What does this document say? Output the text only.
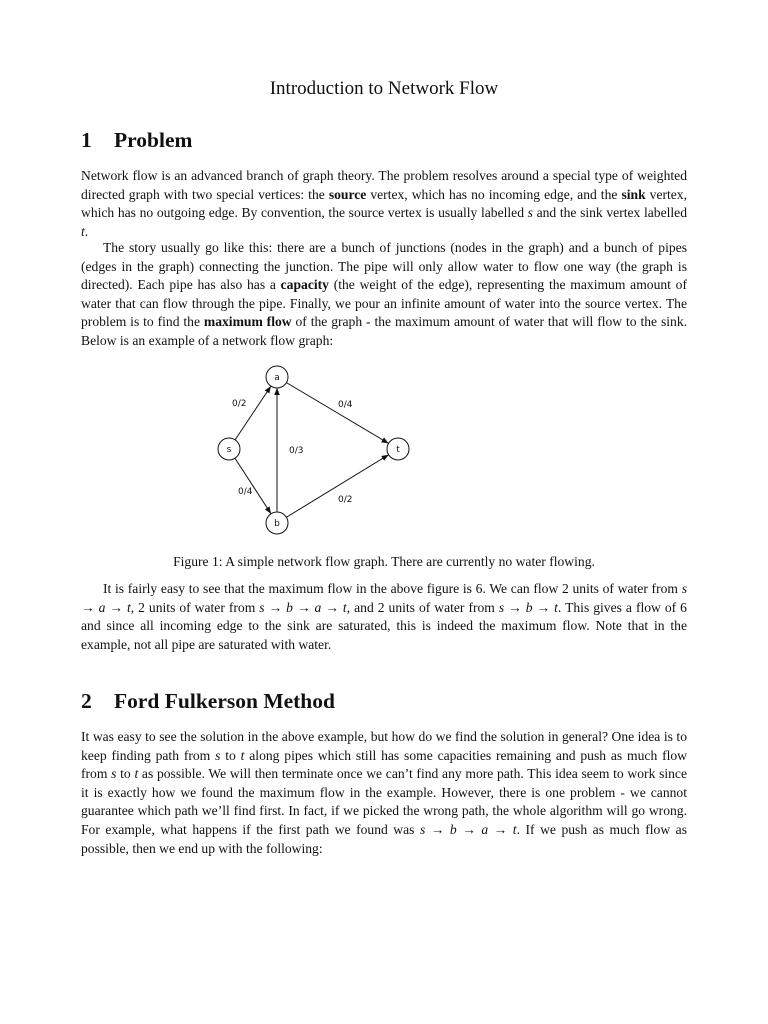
Introduction to Network Flow
1 Problem

Network flow is an advanced branch of graph theory. The problem resolves around a special type of weighted directed graph with two special vertices: the source vertex, which has no incoming edge, and the sink vertex, which has no outgoing edge. By convention, the source vertex is usually labelled s and the sink vertex labelled t.

The story usually go like this: there are a bunch of junctions (nodes in the graph) and a bunch of pipes (edges in the graph) connecting the junction. The pipe will only allow water to flow one way (the graph is directed). Each pipe has also has a capacity (the weight of the edge), representing the maximum amount of water that can flow through the pipe. Finally, we pour an infinite amount of water into the source vertex. The problem is to find the maximum flow of the graph - the maximum amount of water that will flow to the sink. Below is an example of a network flow graph:

0/2	0/4
0/3
0/4
0/2
a
s	t
b
Figure 1: A simple network flow graph. There are currently no water flowing.

It is fairly easy to see that the maximum flow in the above figure is 6. We can flow 2 units of water from s → a → t, 2 units of water from s → b → a → t, and 2 units of water from s → b → t. This gives a flow of 6 and since all incoming edge to the sink are saturated, this is indeed the maximum flow. Note that in the example, not all pipe are saturated with water.

2 Ford Fulkerson Method

It was easy to see the solution in the above example, but how do we find the solution in general? One idea is to keep finding path from s to t along pipes which still has some capacities remaining and push as much flow from s to t as possible. We will then terminate once we can’t find any more path. This idea seem to work since it is exactly how we found the maximum flow in the example. However, there is one problem - we cannot guarantee which path we’ll find first. In fact, if we picked the wrong path, the whole algorithm will go wrong. For example, what happens if the first path we found was s → b → a → t. If we push as much flow as possible, then we end up with the following:
